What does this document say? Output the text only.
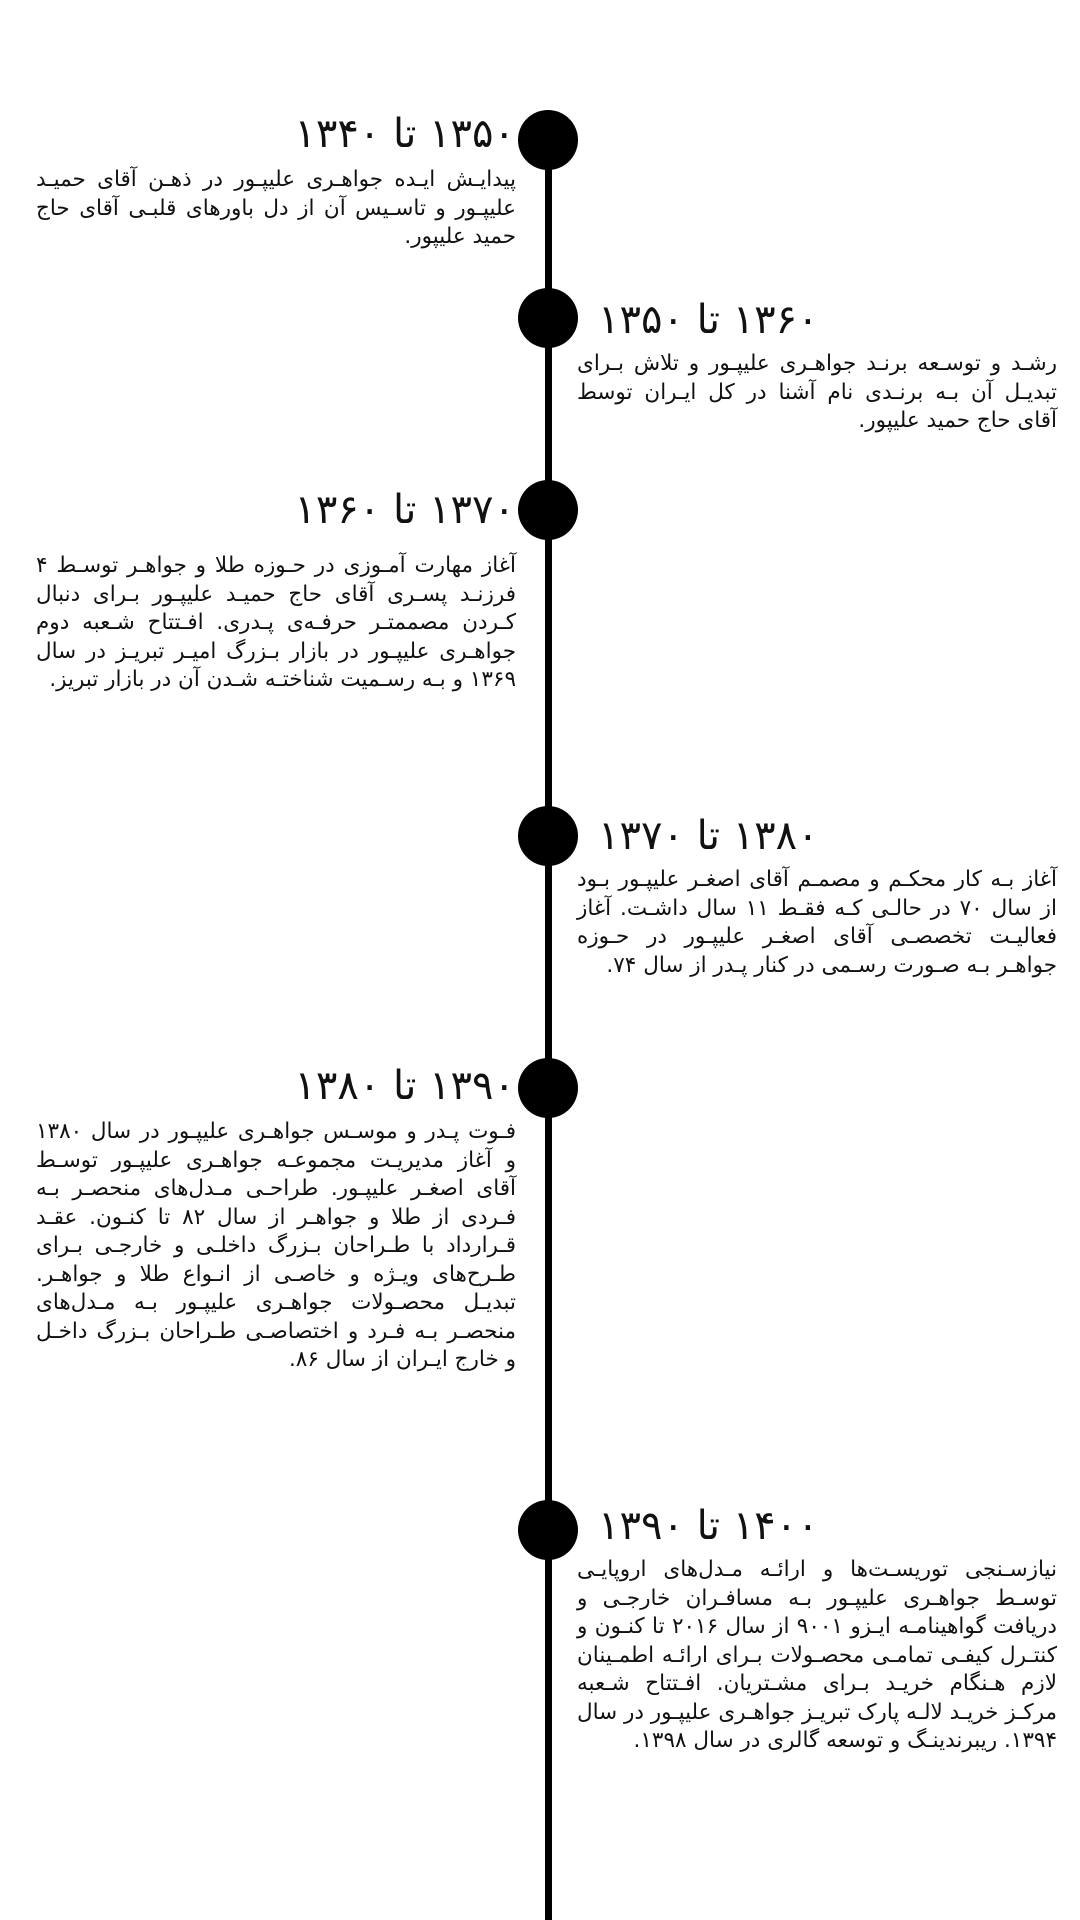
۱۳۵۰ تا ۱۳۴۰
پیدایـش ایـده جواهـری علیپـور در ذهـن آقای حمیـد علیپـور و تاسـیس آن از دل باورهای قلبـی آقای حاج حمید علیپور.
۱۳۶۰ تا ۱۳۵۰
رشـد و توسـعه برنـد جواهـری علیپـور و تلاش بـرای تبدیـل آن بـه برنـدی نام آشنا در کل ایـران توسط آقای حاج حمید علیپور.
۱۳۷۰ تا ۱۳۶۰
آغاز مهارت آمـوزی در حـوزه طلا و جواهـر توسـط ۴ فرزنـد پسـری آقای حاج حمیـد علیپـور بـرای دنبال کـردن مصممتـر حرفـه‌ی پـدری. افـتتاح شـعبه دوم جواهـری علیپـور در بازار بـزرگ امیـر تبریـز در سال ۱۳۶۹ و بـه رسـمیت شناختـه شـدن آن در بازار تبریز.
۱۳۸۰ تا ۱۳۷۰
آغاز بـه کار محکـم و مصمـم آقای اصغـر علیپـور بـود از سال ۷۰ در حالـی کـه فقـط ۱۱ سال داشـت. آغاز فعالیـت تخصصـی آقای اصغـر علیپـور در حـوزه جواهـر بـه صـورت رسـمی در کنار پـدر از سال ۷۴.
۱۳۹۰ تا ۱۳۸۰
فـوت پـدر و موسـس جواهـری علیپـور در سال ۱۳۸۰ و آغاز مدیریـت مجموعـه جواهـری علیپـور توسـط آقای اصغـر علیپـور. طراحـی مـدل‌های منحصـر بـه فـردی از طلا و جواهـر از سال ۸۲ تا کنـون. عقـد قـرارداد با طـراحان بـزرگ داخلـی و خارجـی بـرای طـرح‌های ویـژه و خاصـی از انـواع طلا و جواهـر. تبدیـل محصـولات جواهـری علیپـور بـه مـدل‌های منحصـر بـه فـرد و اختصاصـی طـراحان بـزرگ داخـل و خارج ایـران از سال ۸۶.
۱۴۰۰ تا ۱۳۹۰
نیازسـنجی توریسـت‌ها و ارائـه مـدل‌های اروپایـی توسـط جواهـری علیپـور بـه مسافـران خارجـی و دریافت گواهینامـه ایـزو ۹۰۰۱ از سال ۲۰۱۶ تا کنـون و کنتـرل کیفـی تمامـی محصـولات بـرای ارائـه اطمـینان لازم هـنگام خریـد بـرای مشـتریان. افـتتاح شـعبه مرکـز خریـد لالـه پارک تبریـز جواهـری علیپـور در سال ۱۳۹۴. ریبرندینـگ و توسعه گالری در سال ۱۳۹۸.
